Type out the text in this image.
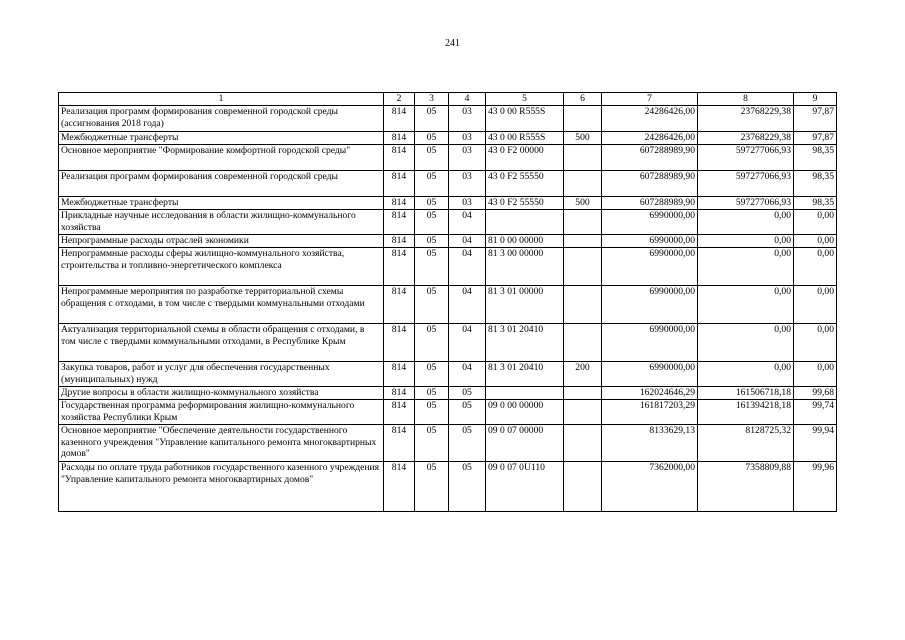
241
1	2	3	4	5	6	7	8	9
Реализация программ формирования современной городской среды (ассигнования 2018 года)	814	05	03	43 0 00 R555S		24286426,00	23768229,38	97,87
Межбюджетные трансферты	814	05	03	43 0 00 R555S	500	24286426,00	23768229,38	97,87
Основное мероприятие "Формирование комфортной городской среды"	814	05	03	43 0 F2 00000		607288989,90	597277066,93	98,35
Реализация программ формирования современной городской среды	814	05	03	43 0 F2 55550		607288989,90	597277066,93	98,35
Межбюджетные трансферты	814	05	03	43 0 F2 55550	500	607288989,90	597277066,93	98,35
Прикладные научные исследования в области жилищно-коммунального хозяйства	814	05	04			6990000,00	0,00	0,00
Непрограммные расходы отраслей экономики	814	05	04	81 0 00 00000		6990000,00	0,00	0,00
Непрограммные расходы сферы жилищно-коммунального хозяйства, строительства и топливно-энергетического комплекса	814	05	04	81 3 00 00000		6990000,00	0,00	0,00
Непрограммные мероприятия по разработке территориальной схемы обращения с отходами, в том числе с твердыми коммунальными отходами	814	05	04	81 3 01 00000		6990000,00	0,00	0,00
Актуализация территориальной схемы в области обращения с отходами, в том числе с твердыми коммунальными отходами, в Республике Крым	814	05	04	81 3 01 20410		6990000,00	0,00	0,00
Закупка товаров, работ и услуг для обеспечения государственных (муниципальных) нужд	814	05	04	81 3 01 20410	200	6990000,00	0,00	0,00
Другие вопросы в области жилищно-коммунального хозяйства	814	05	05			162024646,29	161506718,18	99,68
Государственная программа реформирования жилищно-коммунального хозяйства Республики Крым	814	05	05	09 0 00 00000		161817203,29	161394218,18	99,74
Основное мероприятие "Обеспечение деятельности государственного казенного учреждения "Управление капитального ремонта многоквартирных домов"	814	05	05	09 0 07 00000		8133629,13	8128725,32	99,94
Расходы по оплате труда работников государственного казенного учреждения "Управление капитального ремонта многоквартирных домов"	814	05	05	09 0 07 0U110		7362000,00	7358809,88	99,96
